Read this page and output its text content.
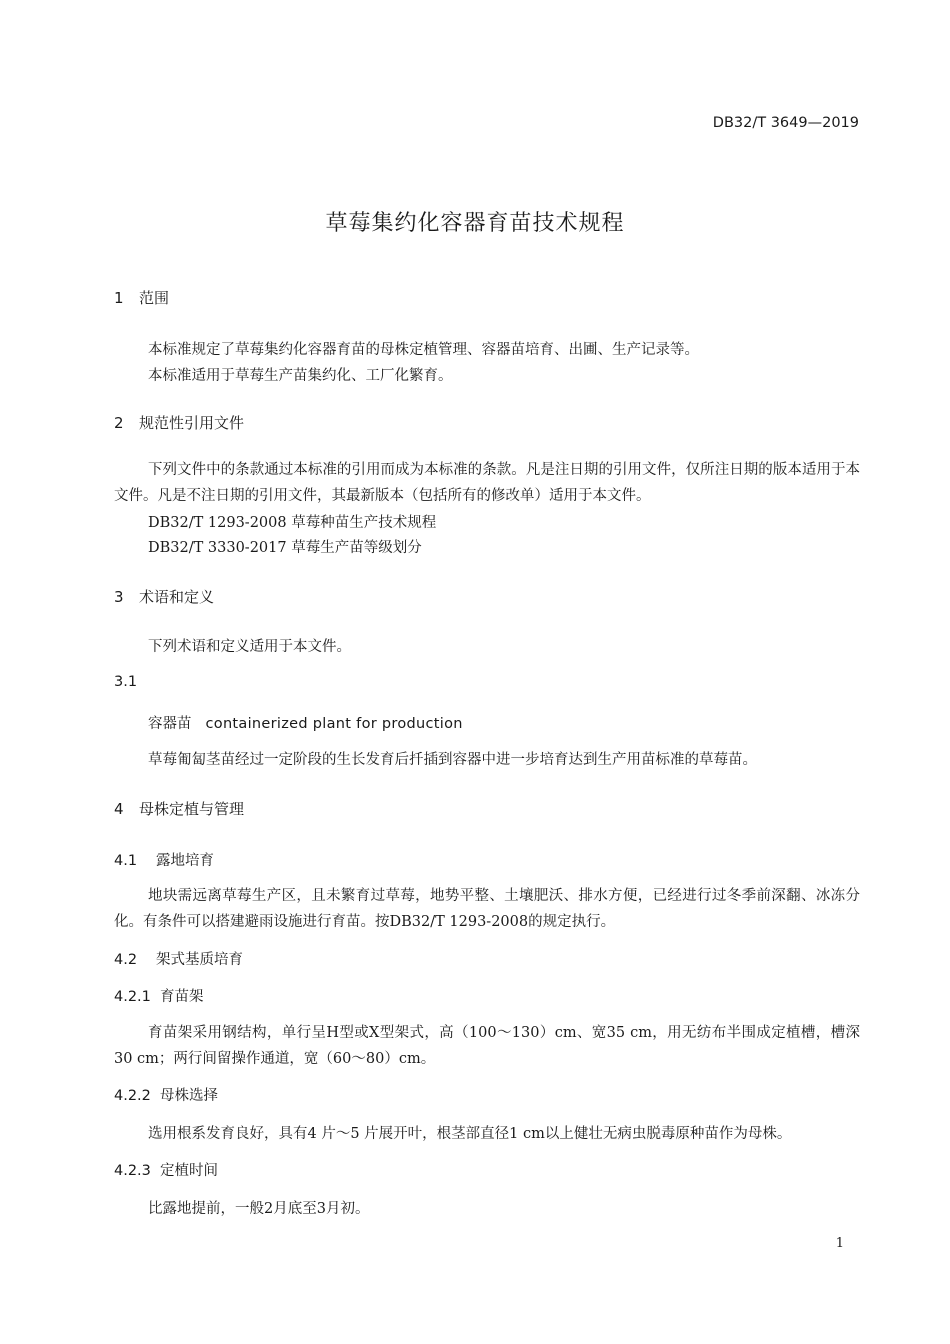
DB32/T 3649—2019
草莓集约化容器育苗技术规程
1 范围
本标准规定了草莓集约化容器育苗的母株定植管理、容器苗培育、出圃、生产记录等。
本标准适用于草莓生产苗集约化、工厂化繁育。
2 规范性引用文件
下列文件中的条款通过本标准的引用而成为本标准的条款。凡是注日期的引用文件，仅所注日期的版本适用于本文件。凡是不注日期的引用文件，其最新版本（包括所有的修改单）适用于本文件。
DB32/T 1293-2008 草莓种苗生产技术规程
DB32/T 3330-2017 草莓生产苗等级划分
3 术语和定义
下列术语和定义适用于本文件。
3.1
容器苗 containerized plant for production
草莓匍匐茎苗经过一定阶段的生长发育后扦插到容器中进一步培育达到生产用苗标准的草莓苗。
4 母株定植与管理
4.1 露地培育
地块需远离草莓生产区，且未繁育过草莓，地势平整、土壤肥沃、排水方便，已经进行过冬季前深翻、冰冻分化。有条件可以搭建避雨设施进行育苗。按DB32/T 1293-2008的规定执行。
4.2 架式基质培育
4.2.1 育苗架
育苗架采用钢结构，单行呈H型或X型架式，高（100～130）cm、宽35 cm，用无纺布半围成定植槽，槽深30 cm；两行间留操作通道，宽（60～80）cm。
4.2.2 母株选择
选用根系发育良好，具有4 片～5 片展开叶，根茎部直径1 cm以上健壮无病虫脱毒原种苗作为母株。
4.2.3 定植时间
比露地提前，一般2月底至3月初。
1
